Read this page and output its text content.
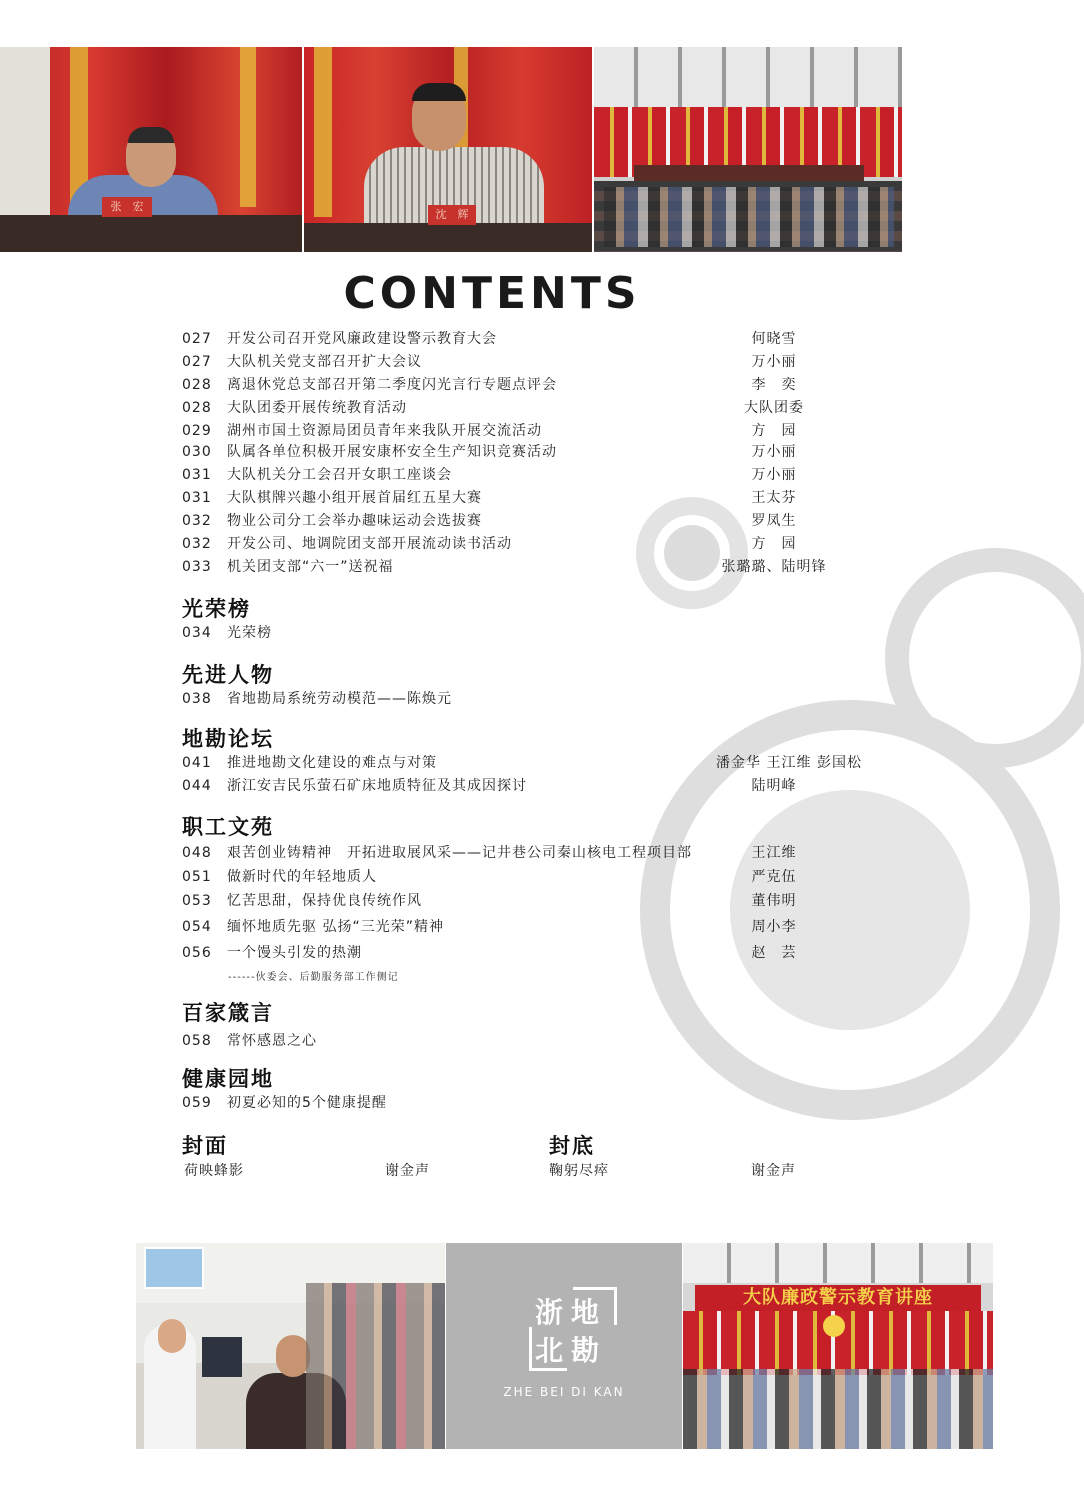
张　宏
沈　辉
CONTENTS
027	开发公司召开党风廉政建设警示教育大会	何晓雪
027	大队机关党支部召开扩大会议	万小丽
028	离退休党总支部召开第二季度闪光言行专题点评会	李　奕
028	大队团委开展传统教育活动	大队团委
029	湖州市国土资源局团员青年来我队开展交流活动	方　园
030	队属各单位积极开展安康杯安全生产知识竞赛活动	万小丽
031	大队机关分工会召开女职工座谈会	万小丽
031	大队棋牌兴趣小组开展首届红五星大赛	王太芬
032	物业公司分工会举办趣味运动会选拔赛	罗凤生
032	开发公司、地调院团支部开展流动读书活动	方　园
033	机关团支部“六一”送祝福	张璐璐、陆明锋
光荣榜
034	光荣榜
先进人物
038	省地勘局系统劳动模范——陈焕元
地勘论坛
041	推进地勘文化建设的难点与对策	潘金华 王江维 彭国松
044	浙江安吉民乐萤石矿床地质特征及其成因探讨	陆明峰
职工文苑
048	艰苦创业铸精神　开拓进取展风采——记井巷公司秦山核电工程项目部	王江维
051	做新时代的年轻地质人	严克伍
053	忆苦思甜，保持优良传统作风	董伟明
054	缅怀地质先驱 弘扬“三光荣”精神	周小李
056	一个馒头引发的热潮	赵　芸
------伙委会、后勤服务部工作侧记
百家箴言
058	常怀感恩之心
健康园地
059	初夏必知的5个健康提醒
封面
荷映蜂影	谢金声
封底
鞠躬尽瘁	谢金声
浙 地
北 勘
ZHE BEI DI KAN
大队廉政警示教育讲座
